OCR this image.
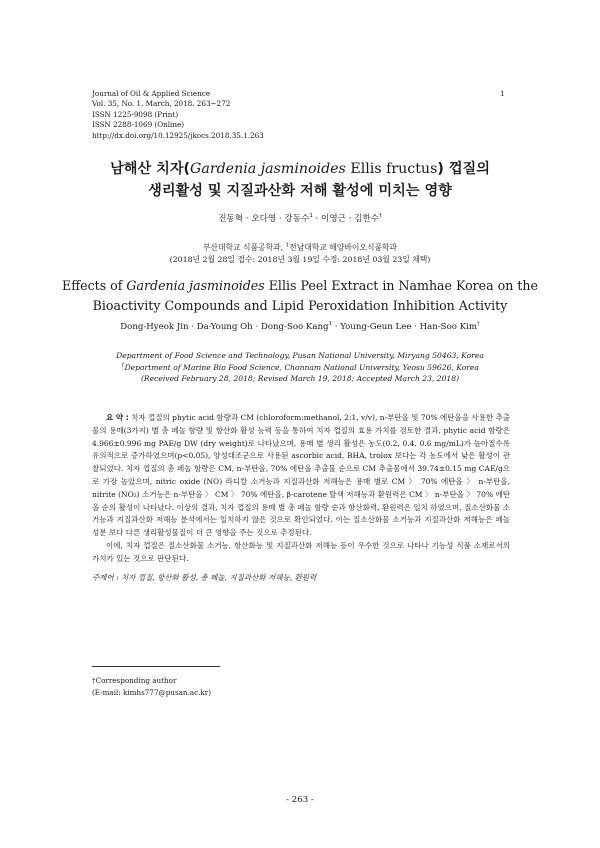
Journal of Oil & Applied Science
Vol. 35, No. 1. March, 2018. 263~272
ISSN 1225-9098 (Print)
ISSN 2288-1069 (Online)
http://dx.doi.org/10.12925/jkocs.2018.35.1.263
1
남해산 치자(Gardenia jasminoides Ellis fructus) 껍질의
생리활성 및 지질과산화 저해 활성에 미치는 영향
진동혁 · 오다영 · 강동수$^1$ · 이영근 · 김한수†
부산대학교 식품공학과, $^1$전남대학교 해양바이오식품학과
(2018년 2월 28일 접수: 2018년 3월 19일 수정: 2018년 03월 23일 채택)
Effects of Gardenia jasminoides Ellis Peel Extract in Namhae Korea on the
Bioactivity Compounds and Lipid Peroxidation Inhibition Activity
Dong-Hyeok Jin · Da-Young Oh · Dong-Soo Kang$^1$ · Young-Geun Lee · Han-Soo Kim†
Department of Food Science and Technology, Pusan National University, Miryang 50463, Korea
$^1$Department of Marine Bio Food Science, Chonnam National University, Yeosu 59626, Korea
(Received February 28, 2018; Revised March 19, 2018; Accepted March 23, 2018)

요 약 : 치자 껍질의 phytic acid 함량과 CM (chloroform:methanol, 2:1, v/v), n-부탄올 및 70% 에탄올을 사용한 추출물의 용매(3가지) 별 총 페놀 함량 및 항산화 활성 능력 등을 통하여 치자 껍질의 효용 가치를 검토한 결과, phytic acid 함량은 4.966±0.996 mg PAE/g DW (dry weight)로 나타났으며, 용매 별 생리 활성은 농도(0.2, 0.4, 0.6 mg/mL)가 높아질수록 유의적으로 증가하였으며(p<0.05), 양성대조군으로 사용된 ascorbic acid, BHA, trolox 보다는 각 농도에서 낮은 활성이 관찰되었다. 치자 껍질의 총 페놀 함량은 CM, n-부탄올, 70% 에탄올 추출물 순으로 CM 추출물에서 39.74±0.15 mg CAE/g으로 가장 높았으며, nitric oxide (NO) 라디칼 소거능과 지질과산화 저해능은 용매 별로 CM 〉 70% 에탄올 〉 n-부탄올, nitrite (NO₂) 소거능은 n-부탄올 〉 CM 〉 70% 에탄올, β-carotene 탈색 저해능과 환원력은 CM 〉 n-부탄올 〉 70% 에탄올 순의 활성이 나타났다. 이상의 결과, 치자 껍질의 용매 별 총 페놀 함량 순과 항산화력, 환원력은 일치 하였으며, 질소산화물 소거능과 지질과산화 저해능 분석에서는 일치하지 않은 것으로 확인되었다. 이는 질소산화물 소거능과 지질과산화 저해능은 페놀 성분 보다 다른 생리활성물질이 더 큰 영향을 주는 것으로 추정된다.

이에, 치자 껍질은 질소산화물 소거능, 항산화능 및 지질과산화 저해능 등이 우수한 것으로 나타나 기능성 식품 소재로서의 가치가 있는 것으로 판단된다.

주제어 : 치자 껍질, 항산화 활성, 총 페놀, 지질과산화 저해능, 환원력
†Corresponding author
(E-mail: kimhs777@pusan.ac.kr)
- 263 -
